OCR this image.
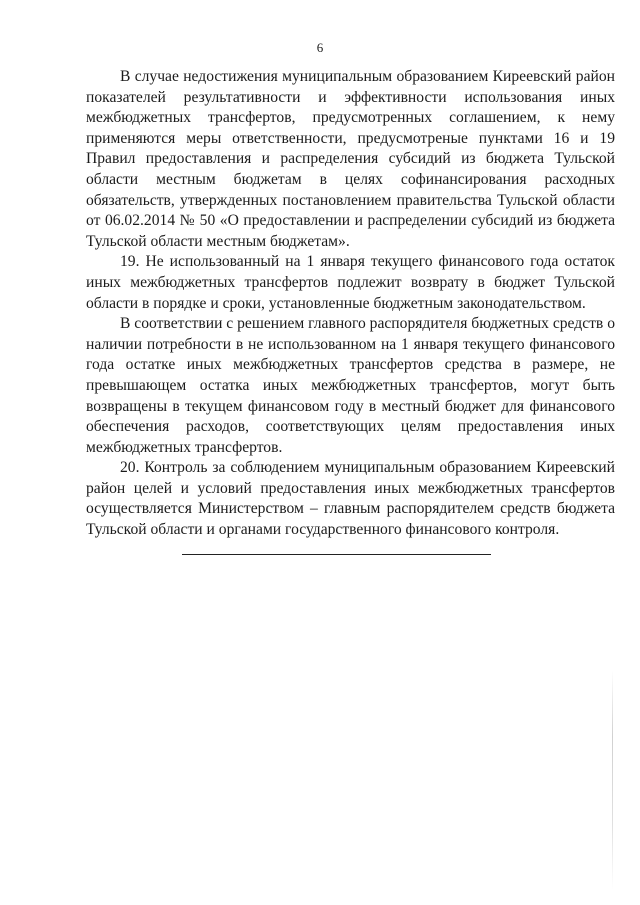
6

В случае недостижения муниципальным образованием Киреевский район показателей результативности и эффективности использования иных межбюджетных трансфертов, предусмотренных соглашением, к нему применяются меры ответственности, предусмотреные пунктами 16 и 19 Правил предоставления и распределения субсидий из бюджета Тульской области местным бюджетам в целях софинансирования расходных обязательств, утвержденных постановлением правительства Тульской области от 06.02.2014 № 50 «О предоставлении и распределении субсидий из бюджета Тульской области местным бюджетам».

19. Не использованный на 1 января текущего финансового года остаток иных межбюджетных трансфертов подлежит возврату в бюджет Тульской области в порядке и сроки, установленные бюджетным законодательством.

В соответствии с решением главного распорядителя бюджетных средств о наличии потребности в не использованном на 1 января текущего финансового года остатке иных межбюджетных трансфертов средства в размере, не превышающем остатка иных межбюджетных трансфертов, могут быть возвращены в текущем финансовом году в местный бюджет для финансового обеспечения расходов, соответствующих целям предоставления иных межбюджетных трансфертов.

20. Контроль за соблюдением муниципальным образованием Киреевский район целей и условий предоставления иных межбюджетных трансфертов осуществляется Министерством – главным распорядителем средств бюджета Тульской области и органами государственного финансового контроля.
